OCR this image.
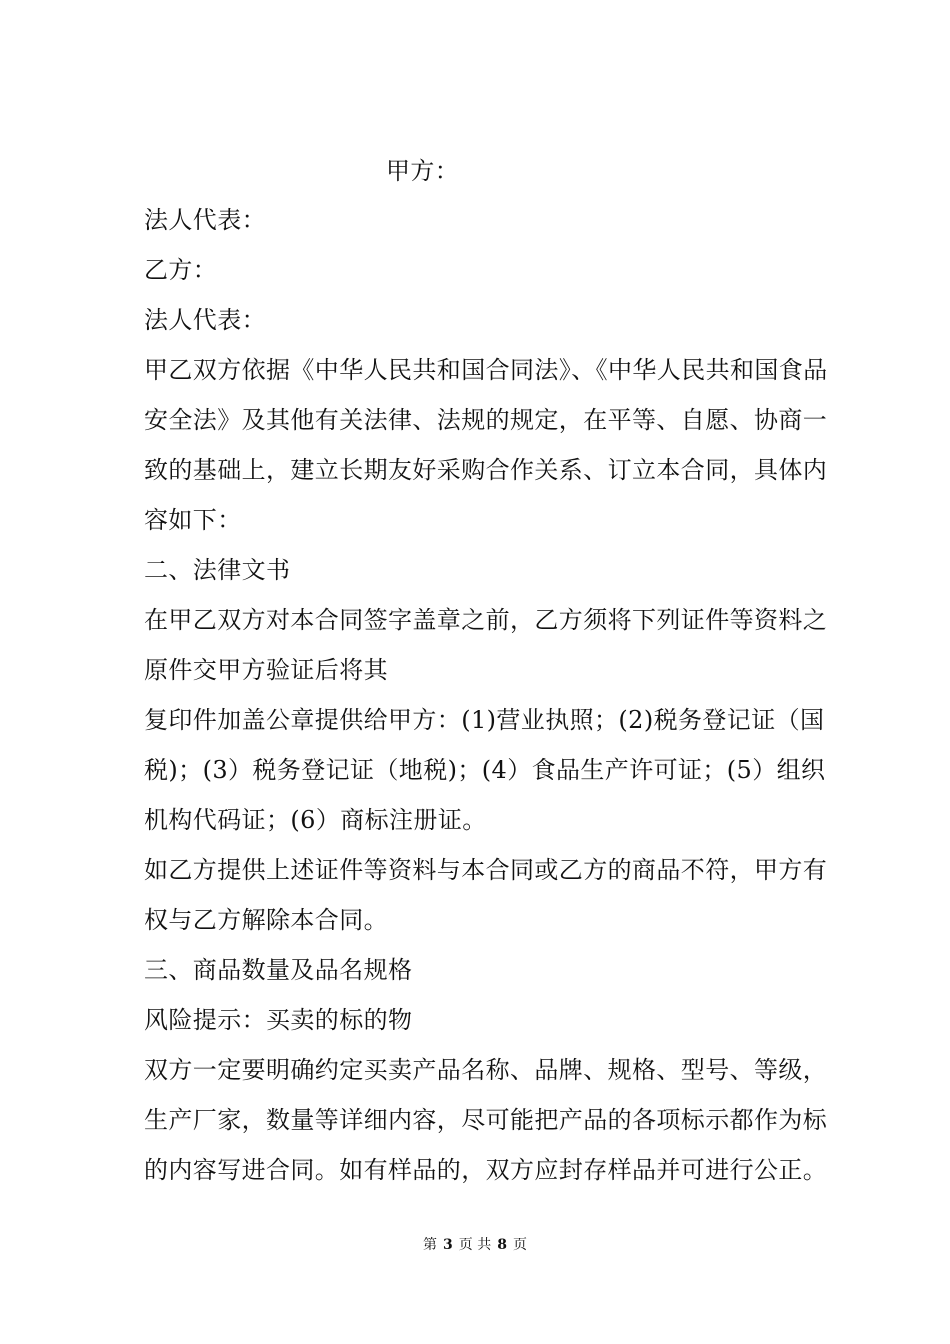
甲方：
法人代表：
乙方：
法人代表：
甲乙双方依据《中华人民共和国合同法》、《中华人民共和国食品
安全法》及其他有关法律、法规的规定，在平等、自愿、协商一
致的基础上，建立长期友好采购合作关系、订立本合同，具体内
容如下：
二、法律文书
在甲乙双方对本合同签字盖章之前，乙方须将下列证件等资料之
原件交甲方验证后将其
复印件加盖公章提供给甲方：(1)营业执照；(2)税务登记证（国
税)；(3）税务登记证（地税)；(4）食品生产许可证；(5）组织
机构代码证；(6）商标注册证。
如乙方提供上述证件等资料与本合同或乙方的商品不符，甲方有
权与乙方解除本合同。
三、商品数量及品名规格
风险提示：买卖的标的物
双方一定要明确约定买卖产品名称、品牌、规格、型号、等级，
生产厂家，数量等详细内容，尽可能把产品的各项标示都作为标
的内容写进合同。如有样品的，双方应封存样品并可进行公正。
第 3 页 共 8 页
